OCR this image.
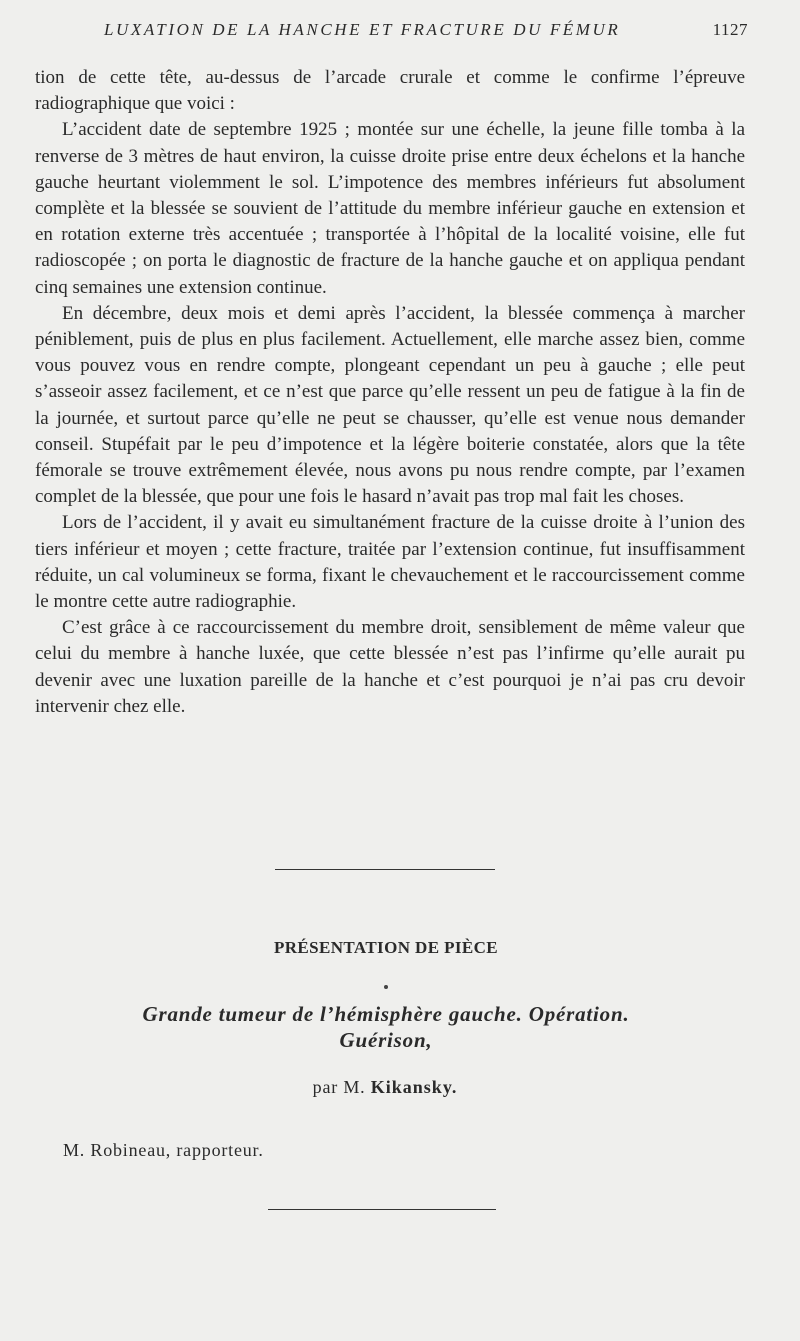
LUXATION DE LA HANCHE ET FRACTURE DU FÉMUR	1127

tion de cette tête, au-dessus de l’arcade crurale et comme le confirme l’épreuve radiographique que voici :

L’accident date de septembre 1925 ; montée sur une échelle, la jeune fille tomba à la renverse de 3 mètres de haut environ, la cuisse droite prise entre deux échelons et la hanche gauche heurtant violemment le sol. L’impotence des membres inférieurs fut absolument complète et la blessée se souvient de l’attitude du membre inférieur gauche en extension et en rotation externe très accentuée ; transportée à l’hôpital de la localité voisine, elle fut radioscopée ; on porta le diagnostic de fracture de la hanche gauche et on appliqua pendant cinq semaines une extension continue.

En décembre, deux mois et demi après l’accident, la blessée commença à marcher péniblement, puis de plus en plus facilement. Actuellement, elle marche assez bien, comme vous pouvez vous en rendre compte, plongeant cependant un peu à gauche ; elle peut s’asseoir assez facilement, et ce n’est que parce qu’elle ressent un peu de fatigue à la fin de la journée, et surtout parce qu’elle ne peut se chausser, qu’elle est venue nous demander conseil. Stupéfait par le peu d’impotence et la légère boiterie constatée, alors que la tête fémorale se trouve extrêmement élevée, nous avons pu nous rendre compte, par l’examen complet de la blessée, que pour une fois le hasard n’avait pas trop mal fait les choses.

Lors de l’accident, il y avait eu simultanément fracture de la cuisse droite à l’union des tiers inférieur et moyen ; cette fracture, traitée par l’extension continue, fut insuffisamment réduite, un cal volumineux se forma, fixant le chevauchement et le raccourcissement comme le montre cette autre radiographie.

C’est grâce à ce raccourcissement du membre droit, sensiblement de même valeur que celui du membre à hanche luxée, que cette blessée n’est pas l’infirme qu’elle aurait pu devenir avec une luxation pareille de la hanche et c’est pourquoi je n’ai pas cru devoir intervenir chez elle.

PRÉSENTATION DE PIÈCE
Grande tumeur de l’hémisphère gauche. Opération.
Guérison,
par M. Kikansky.
M. Robineau, rapporteur.
